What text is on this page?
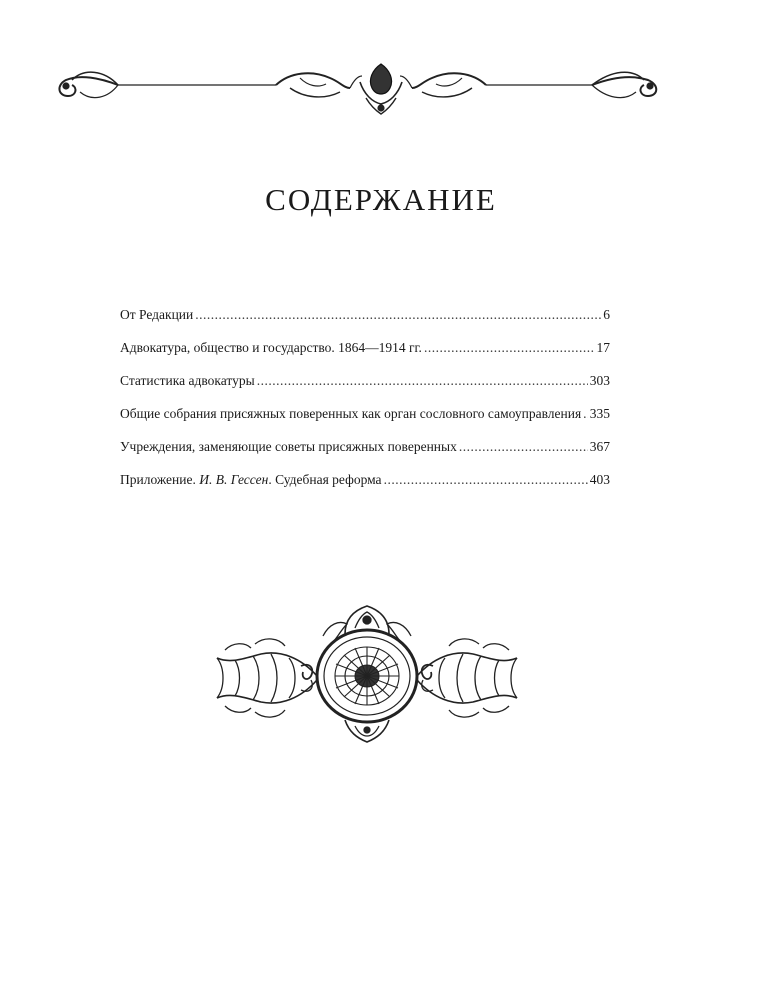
СОДЕРЖАНИЕ
От Редакции .....	6
Адвокатура, общество и государство. 1864—1914 гг. .....	17
Статистика адвокатуры .....	303
Общие собрания присяжных поверенных как орган сословного самоуправления ..... 335
Учреждения, заменяющие советы присяжных поверенных .....	367
Приложение. И. В. Гессен. Судебная реформа .....	403
